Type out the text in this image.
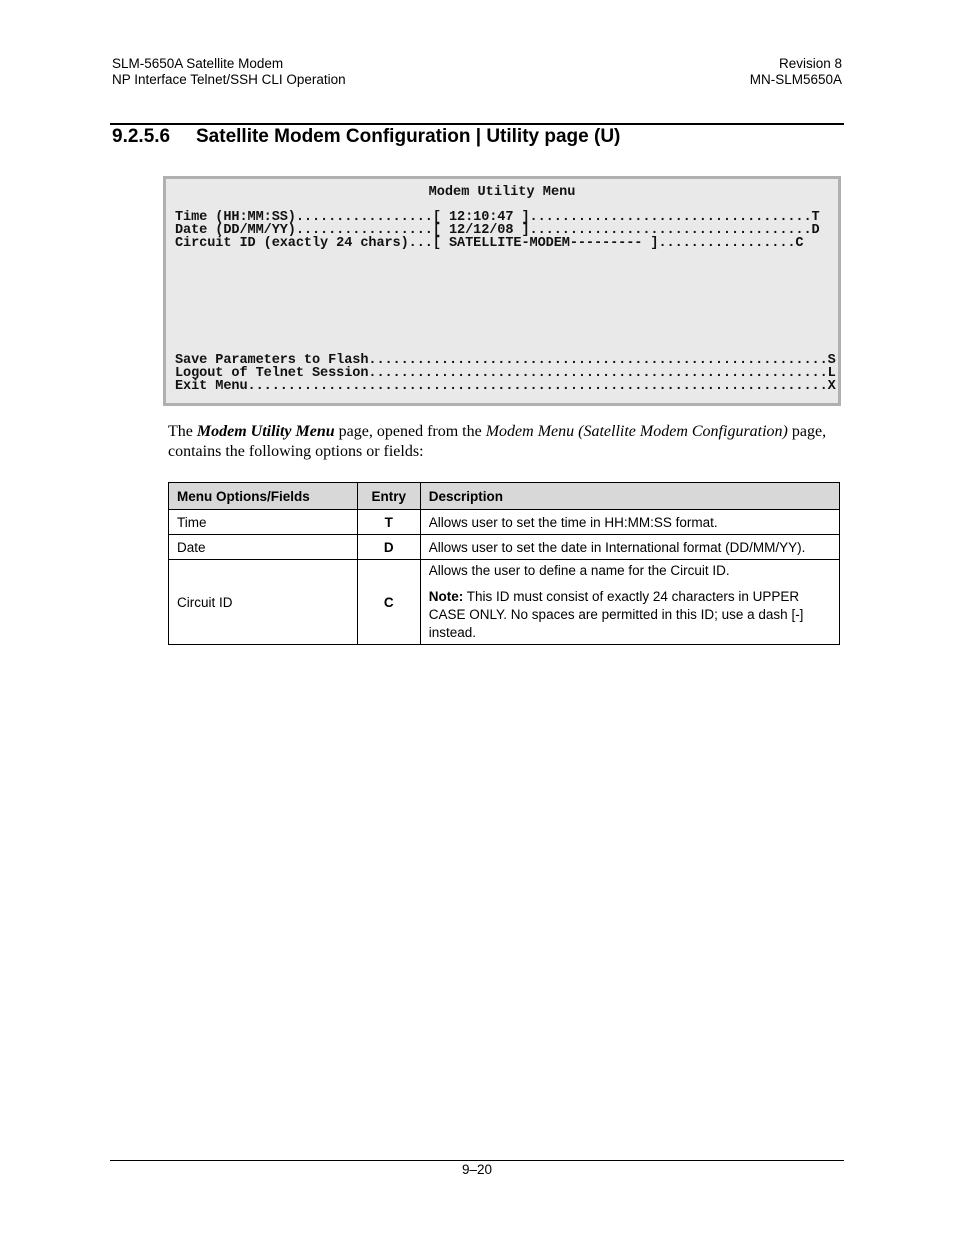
SLM-5650A Satellite Modem
NP Interface Telnet/SSH CLI Operation
Revision 8
MN-SLM5650A
9.2.5.6 Satellite Modem Configuration | Utility page (U)
Modem Utility Menu
Time (HH:MM:SS).................[ 12:10:47 ]...................................T
Date (DD/MM/YY).................[ 12/12/08 ]...................................D
Circuit ID (exactly 24 chars)...[ SATELLITE-MODEM--------- ].................C
Save Parameters to Flash.........................................................S
Logout of Telnet Session.........................................................L
Exit Menu........................................................................X
The Modem Utility Menu page, opened from the Modem Menu (Satellite Modem Configuration) page, contains the following options or fields:
Menu Options/Fields	Entry	Description
Time	T	Allows user to set the time in HH:MM:SS format.
Date	D	Allows user to set the date in International format (DD/MM/YY).
Circuit ID	C	Allows the user to define a name for the Circuit ID.

Note: This ID must consist of exactly 24 characters in UPPER CASE ONLY. No spaces are permitted in this ID; use a dash [-] instead.

9–20
